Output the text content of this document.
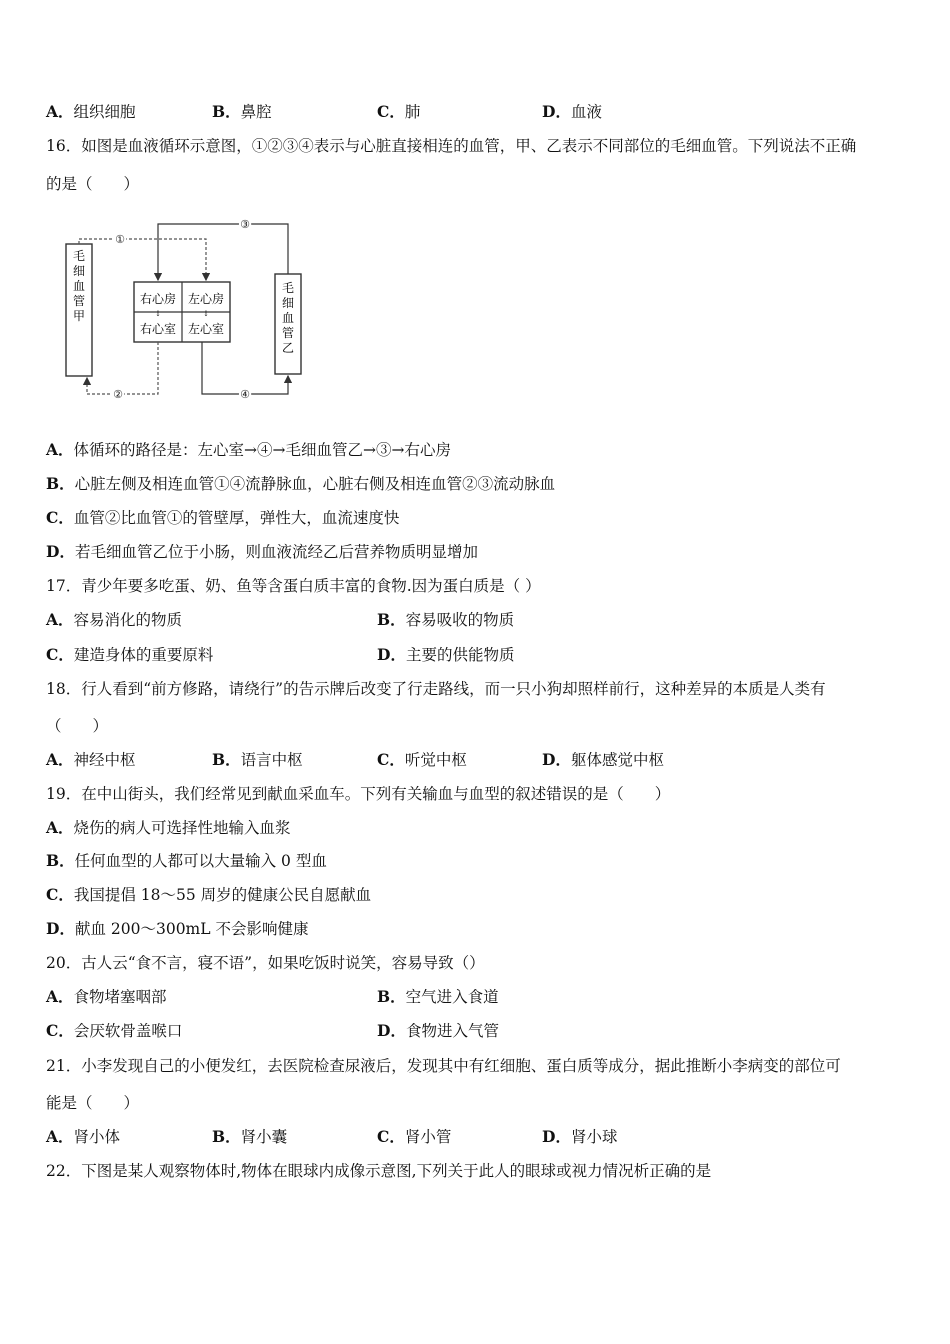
A．组织细胞	B．鼻腔	C．肺	D．血液
16．如图是血液循环示意图，①②③④表示与心脏直接相连的血管，甲、乙表示不同部位的毛细血管。下列说法不正确
的是（　　）
毛细血管甲
毛细血管乙
右心房 左心房
右心室 左心室
↓	↓
①
③
②	④
A．体循环的路径是：左心室→④→毛细血管乙→③→右心房
B．心脏左侧及相连血管①④流静脉血，心脏右侧及相连血管②③流动脉血
C．血管②比血管①的管壁厚，弹性大，血流速度快
D．若毛细血管乙位于小肠，则血液流经乙后营养物质明显增加
17．青少年要多吃蛋、奶、鱼等含蛋白质丰富的食物.因为蛋白质是（ ）
A．容易消化的物质	B．容易吸收的物质
C．建造身体的重要原料	D．主要的供能物质
18．行人看到“前方修路，请绕行”的告示牌后改变了行走路线，而一只小狗却照样前行，这种差异的本质是人类有
（　　）
A．神经中枢	B．语言中枢	C．听觉中枢	D．躯体感觉中枢
19．在中山街头，我们经常见到献血采血车。下列有关输血与血型的叙述错误的是（　　）
A．烧伤的病人可选择性地输入血浆
B．任何血型的人都可以大量输入 0 型血
C．我国提倡 18～55 周岁的健康公民自愿献血
D．献血 200～300mL 不会影响健康
20．古人云“食不言，寝不语”，如果吃饭时说笑，容易导致（）
A．食物堵塞咽部	B．空气进入食道
C．会厌软骨盖喉口	D．食物进入气管
21．小李发现自己的小便发红，去医院检查尿液后，发现其中有红细胞、蛋白质等成分，据此推断小李病变的部位可
能是（　　）
A．肾小体	B．肾小囊	C．肾小管	D．肾小球
22．下图是某人观察物体时,物体在眼球内成像示意图,下列关于此人的眼球或视力情况析正确的是
